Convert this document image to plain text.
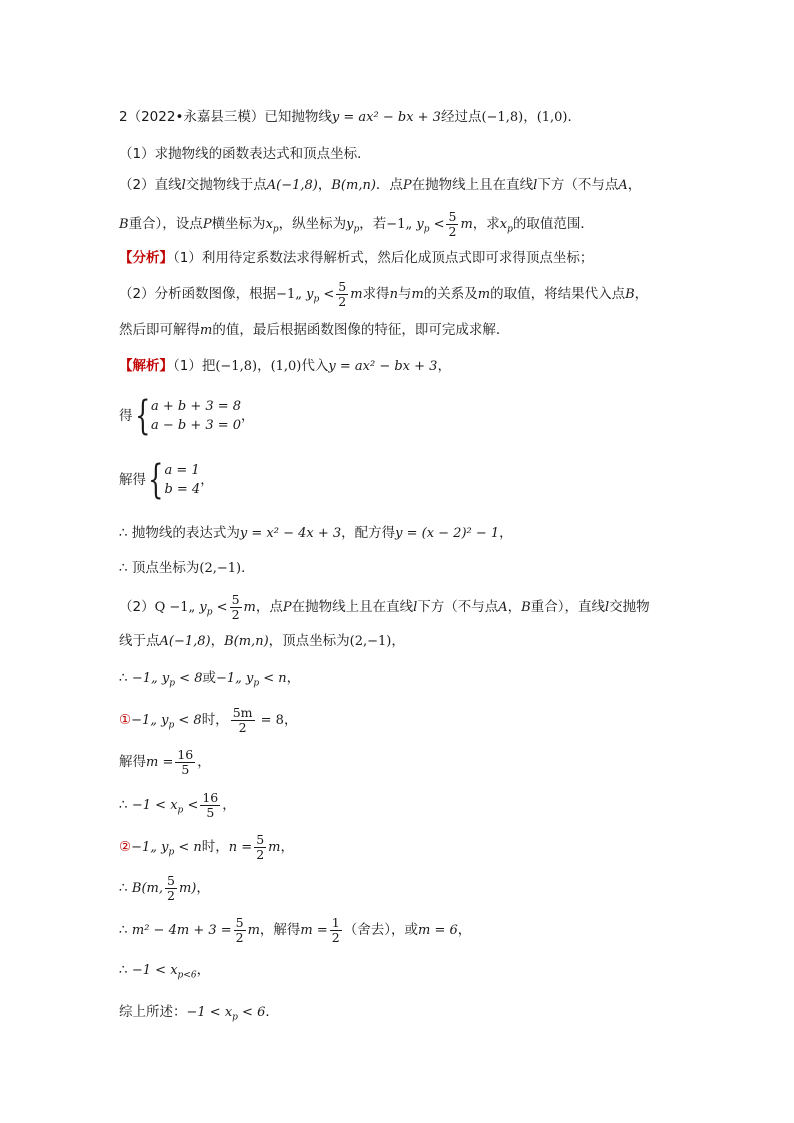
2（2022•永嘉县三模）已知抛物线y = ax² − bx + 3经过点(−1,8)，(1,0)．
（1）求抛物线的函数表达式和顶点坐标．
（2）直线l交抛物线于点A(−1,8)，B(m,n)．点P在抛物线上且在直线l下方（不与点A，
B重合），设点P横坐标为$x_p$，纵坐标为$y_p$，若−1„ $y_p < \frac{5}{2}$ m，求$x_p$的取值范围．
【分析】（1）利用待定系数法求得解析式，然后化成顶点式即可求得顶点坐标；
（2）分析函数图像，根据−1„ $y_p < \frac{5}{2}$ m求得n与m的关系及m的取值，将结果代入点B，
然后即可解得m的值，最后根据函数图像的特征，即可完成求解．
【解析】（1）把(−1,8)，(1,0)代入y = ax² − bx + 3，
得 { a + b + 3 = 8
a − b + 3 = 0
，
解得 { a = 1
b = 4
，
∴ 抛物线的表达式为y = x² − 4x + 3，配方得y = (x − 2)² − 1，
∴ 顶点坐标为(2,−1)．
（2）Q −1„ $y_p < \frac{5}{2}$ m，点P在抛物线上且在直线l下方（不与点A，B重合），直线l交抛物
线于点A(−1,8)，B(m,n)，顶点坐标为(2,−1)，
∴ −1„ $y_p < 8$或−1„ $y_p < n$，
①−1„ $y_p < 8$时， $\frac{5m}{2} = 8$，
解得$m = \frac{16}{5}$ ，
∴ $-1 < x_p < \frac{16}{5}$ ，
②−1„ $y_p < n$时，$n = \frac{5}{2}$ m，
∴ B(m, $\frac{5}{2} m$)，
∴ $m^2 - 4m + 3 = \frac{5}{2}$ m，解得$m = \frac{1}{2}$ （舍去），或m = 6，
∴ $-1 < x_{p<6}$，
综上所述：$-1 < x_p < 6$．
